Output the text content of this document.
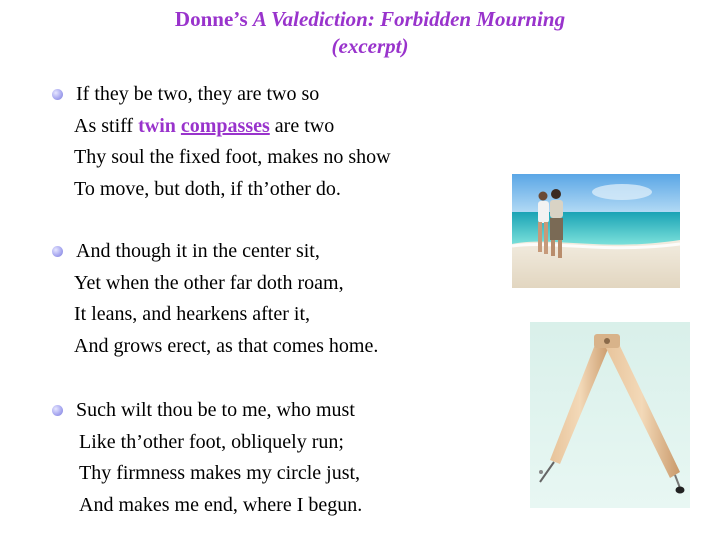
Donne’s A Valediction: Forbidden Mourning
(excerpt)
If they be two, they are two so
As stiff twin compasses are two
Thy soul the fixed foot, makes no show
To move, but doth, if th’other do.
And though it in the center sit,
Yet when the other far doth roam,
It leans, and hearkens after it,
And grows erect, as that comes home.
Such wilt thou be to me, who must
Like th’other foot, obliquely run;
Thy firmness makes my circle just,
And makes me end, where I begun.
